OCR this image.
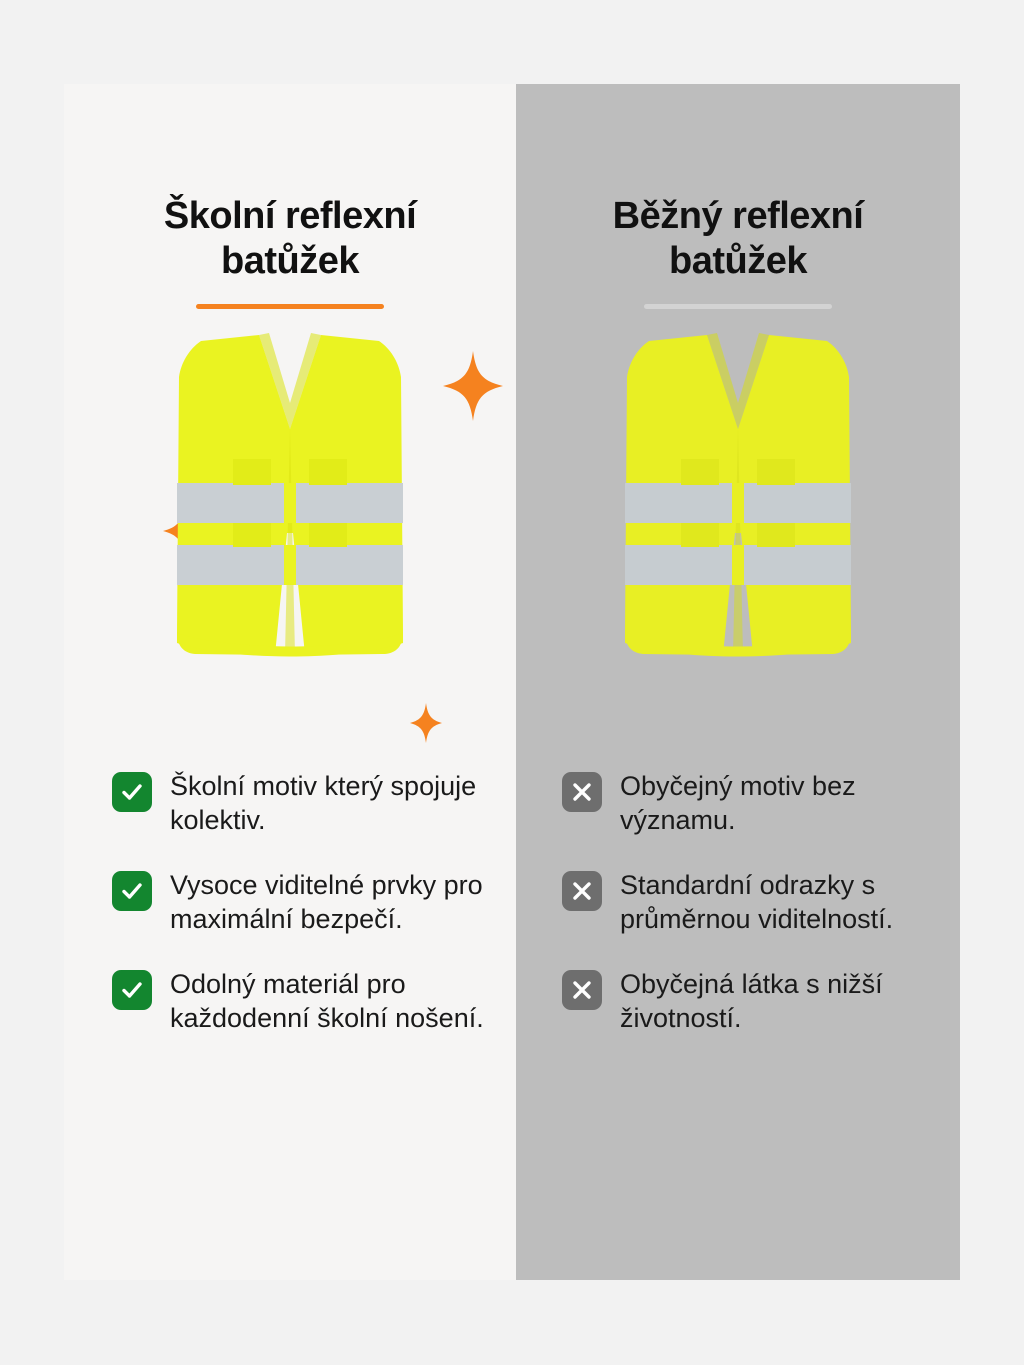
Školní reflexní batůžek
Školní motiv který spojuje kolektiv.
Vysoce viditelné prvky pro maximální bezpečí.
Odolný materiál pro každodenní školní nošení.
Běžný reflexní batůžek
Obyčejný motiv bez významu.
Standardní odrazky s průměrnou viditelností.
Obyčejná látka s nižší životností.
